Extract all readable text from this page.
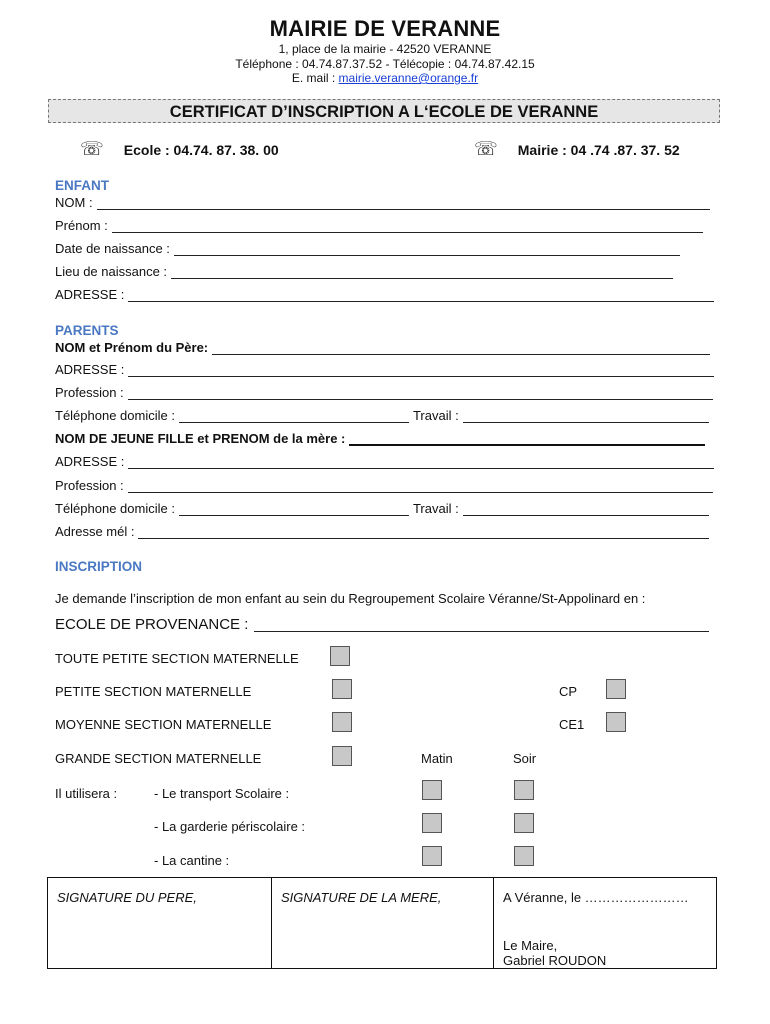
MAIRIE DE VERANNE
1, place de la mairie - 42520 VERANNE
Téléphone : 04.74.87.37.52 - Télécopie : 04.74.87.42.15
E. mail : mairie.veranne@orange.fr
CERTIFICAT D’INSCRIPTION A L‘ECOLE DE VERANNE
☏ Ecole : 04.74. 87. 38. 00	☏ Mairie : 04 .74 .87. 37. 52
ENFANT
NOM :
Prénom :
Date de naissance :
Lieu de naissance :
ADRESSE :
PARENTS
NOM et Prénom du Père:
ADRESSE :
Profession :
Téléphone domicile :	Travail :
NOM DE JEUNE FILLE et PRENOM de la mère :
ADRESSE :
Profession :
Téléphone domicile :	Travail :
Adresse mél :
INSCRIPTION
Je demande l’inscription de mon enfant au sein du Regroupement Scolaire Véranne/St-Appolinard en :
ECOLE DE PROVENANCE :
TOUTE PETITE SECTION MATERNELLE
PETITE SECTION MATERNELLE	CP
MOYENNE SECTION MATERNELLE	CE1
GRANDE SECTION MATERNELLE	Matin	Soir
Il utilisera :	- Le transport Scolaire :
- La garderie périscolaire :
- La cantine :
SIGNATURE DU PERE,	SIGNATURE DE LA MERE,	A Véranne, le ……………………
Le Maire,
Gabriel ROUDON
